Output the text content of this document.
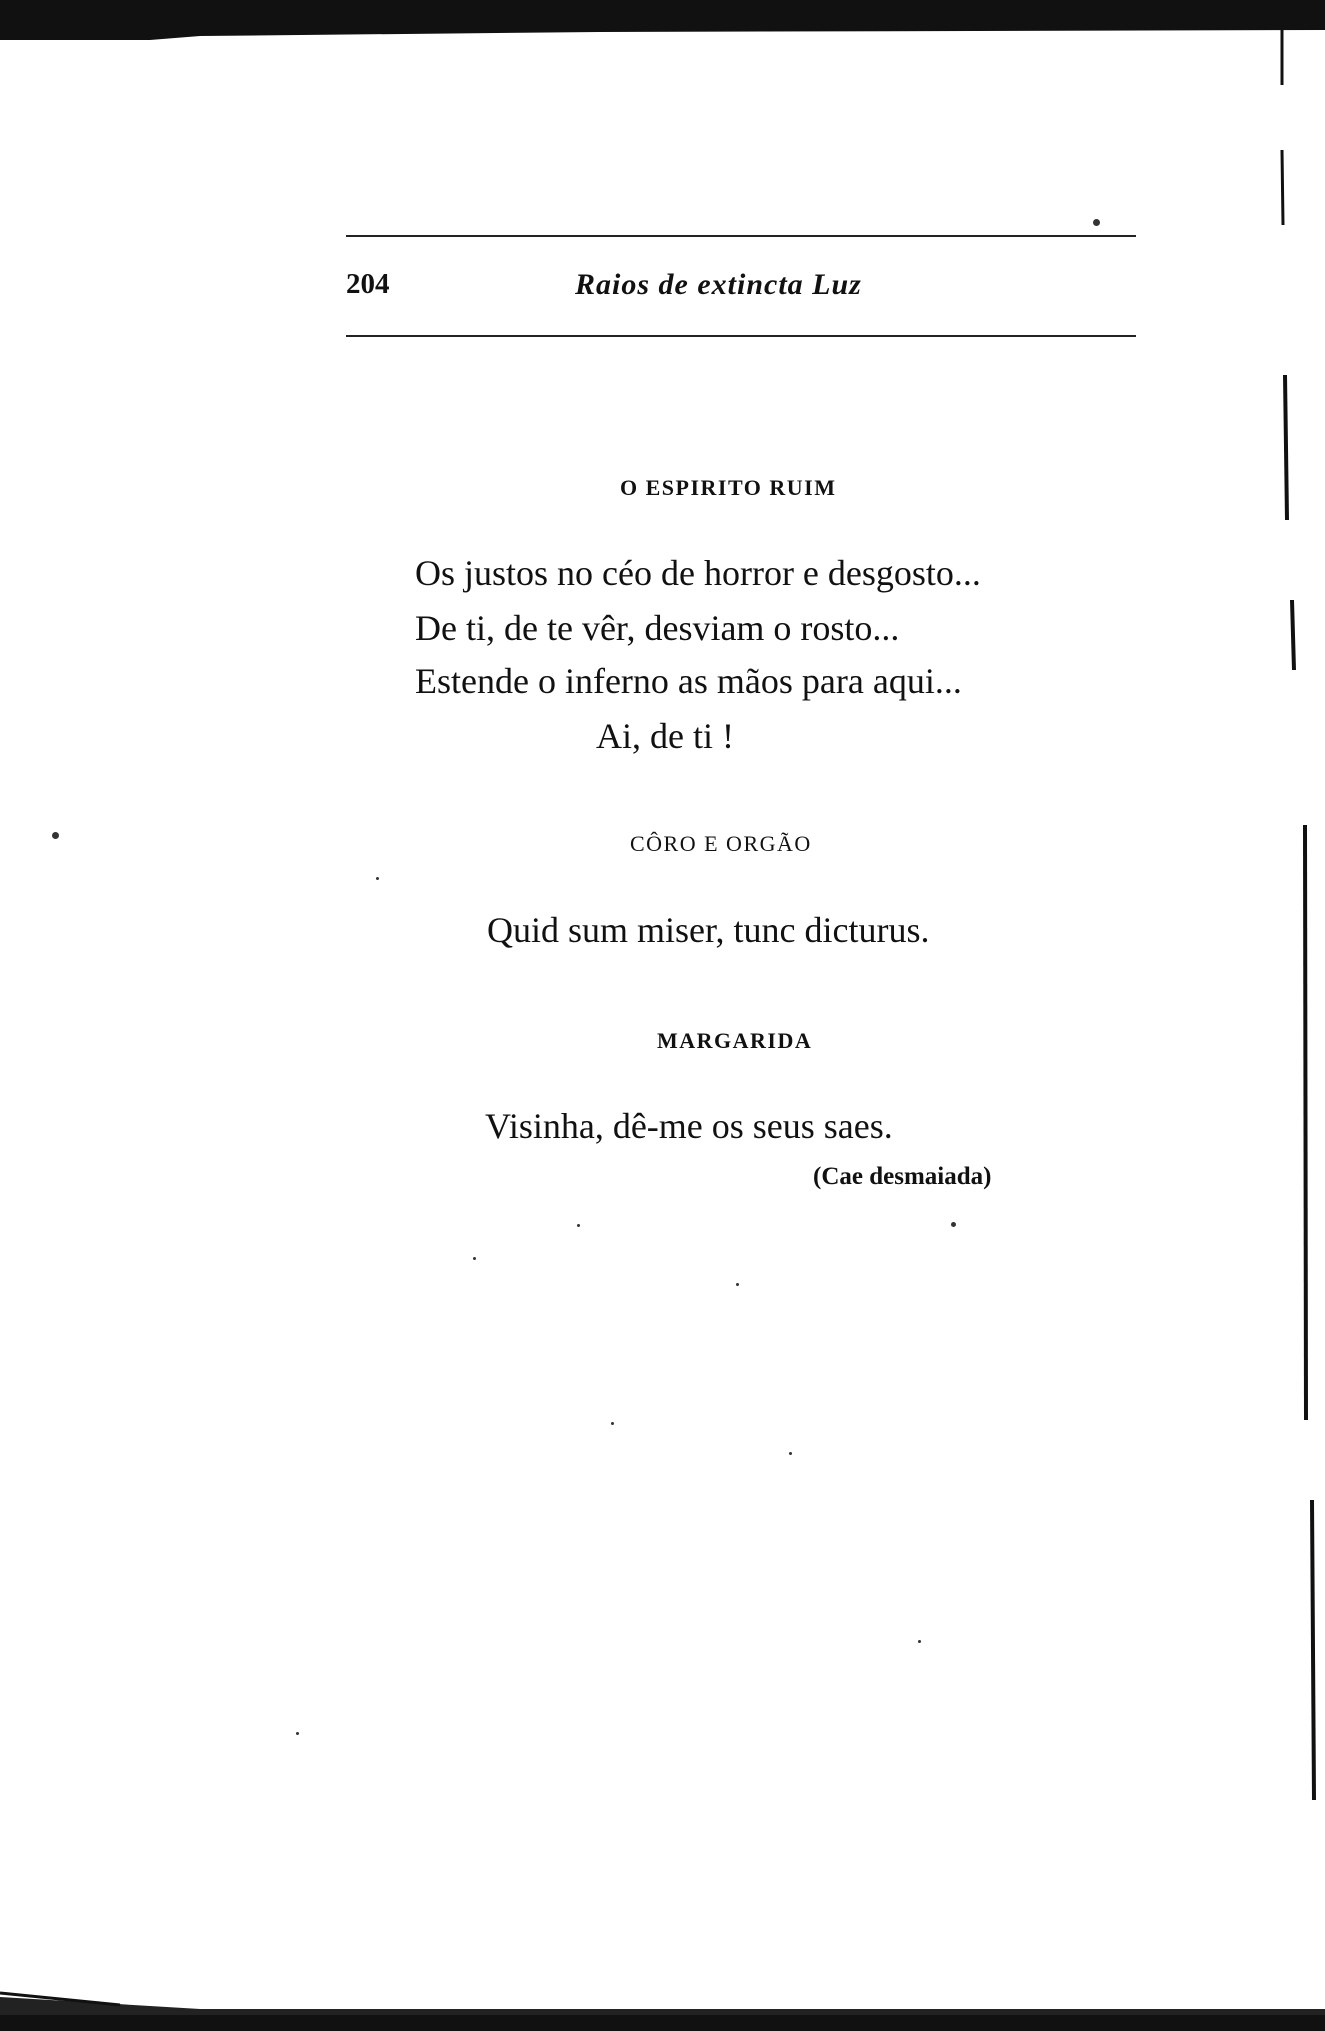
204	Raios de extincta Luz
O ESPIRITO RUIM
Os justos no céo de horror e desgosto...
De ti, de te vêr, desviam o rosto...
Estende o inferno as mãos para aqui...
Ai, de ti !
CÔRO E ORGÃO
Quid sum miser, tunc dicturus.
MARGARIDA
Visinha, dê-me os seus saes.
(Cae desmaiada)
